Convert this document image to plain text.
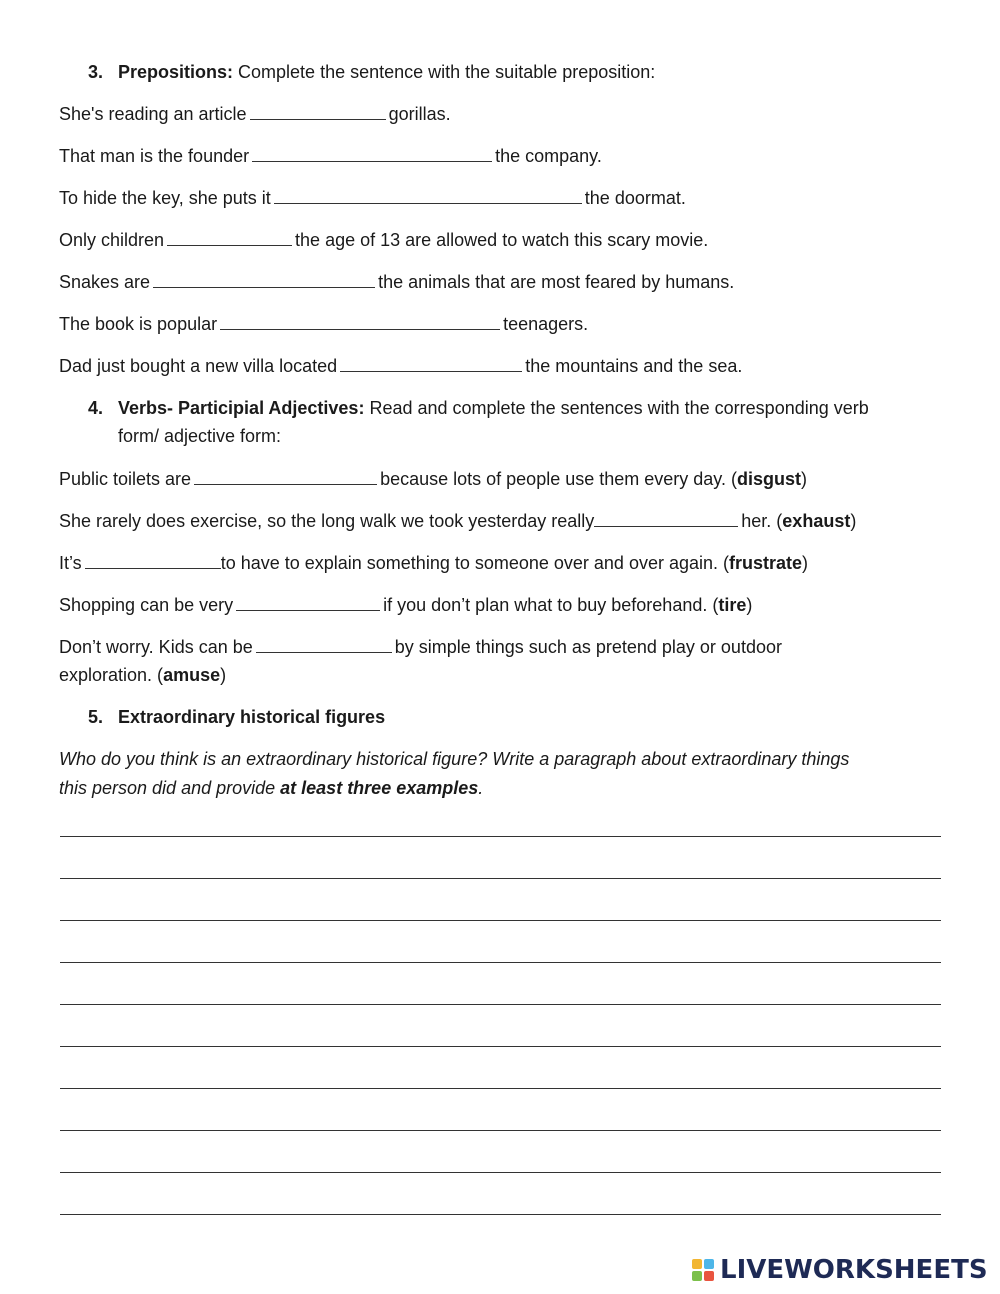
3. Prepositions: Complete the sentence with the suitable preposition:
She's reading an article	gorillas.
That man is the founder	the company.
To hide the key, she puts it	the doormat.
Only children	the age of 13 are allowed to watch this scary movie.
Snakes are	the animals that are most feared by humans.
The book is popular	teenagers.
Dad just bought a new villa located	the mountains and the sea.
4. Verbs- Participial Adjectives: Read and complete the sentences with the corresponding verb
form/ adjective form:
Public toilets are	because lots of people use them every day. (disgust)
She rarely does exercise, so the long walk we took yesterday really	her. (exhaust)
It’s	to have to explain something to someone over and over again. (frustrate)
Shopping can be very	if you don’t plan what to buy beforehand. (tire)
Don’t worry. Kids can be	by simple things such as pretend play or outdoor
exploration. (amuse)
5. Extraordinary historical figures
Who do you think is an extraordinary historical figure? Write a paragraph about extraordinary things
this person did and provide at least three examples.
LIVEWORKSHEETS
